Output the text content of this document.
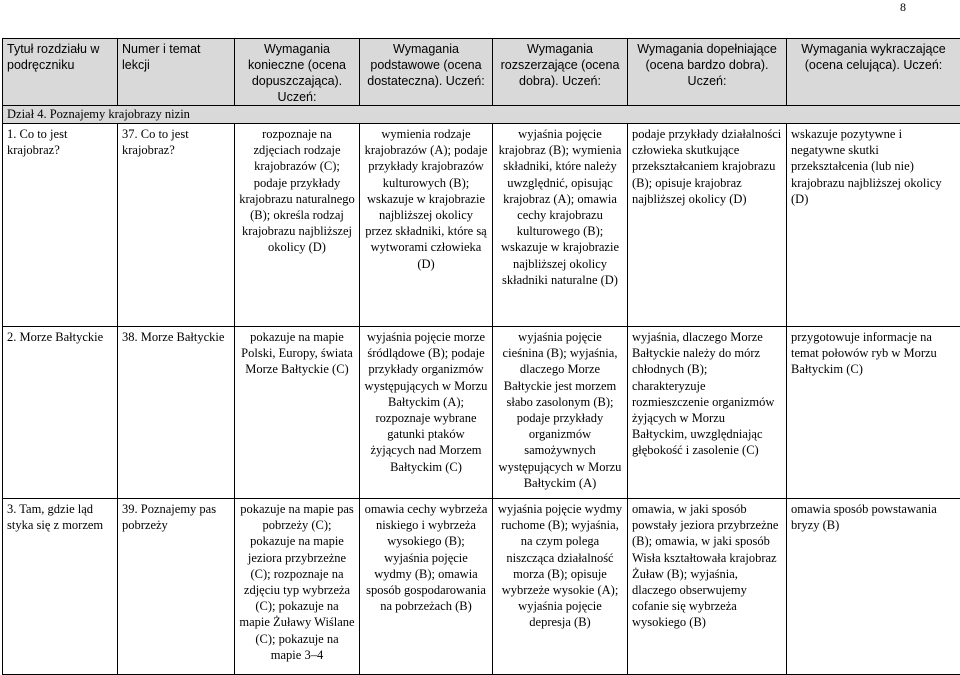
8
Tytuł rozdziału w podręczniku	Numer i temat lekcji	Wymagania konieczne (ocena dopuszczająca). Uczeń:	Wymagania podstawowe (ocena dostateczna). Uczeń:	Wymagania rozszerzające (ocena dobra). Uczeń:	Wymagania dopełniające (ocena bardzo dobra). Uczeń:	Wymagania wykraczające (ocena celująca). Uczeń:
Dział 4. Poznajemy krajobrazy nizin						
1. Co to jest krajobraz?	37. Co to jest krajobraz?	rozpoznaje na zdjęciach rodzaje krajobrazów (C); podaje przykłady krajobrazu naturalnego (B); określa rodzaj krajobrazu najbliższej okolicy (D)	wymienia rodzaje krajobrazów (A); podaje przykłady krajobrazów kulturowych (B); wskazuje w krajobrazie najbliższej okolicy przez składniki, które są wytworami człowieka (D)	wyjaśnia pojęcie krajobraz (B); wymienia składniki, które należy uwzględnić, opisując krajobraz (A); omawia cechy krajobrazu kulturowego (B); wskazuje w krajobrazie najbliższej okolicy składniki naturalne (D)	podaje przykłady działalności człowieka skutkujące przekształcaniem krajobrazu (B); opisuje krajobraz najbliższej okolicy (D)	wskazuje pozytywne i negatywne skutki przekształcenia (lub nie) krajobrazu najbliższej okolicy (D)
2. Morze Bałtyckie	38. Morze Bałtyckie	pokazuje na mapie Polski, Europy, świata Morze Bałtyckie (C)	wyjaśnia pojęcie morze śródlądowe (B); podaje przykłady organizmów występujących w Morzu Bałtyckim (A); rozpoznaje wybrane gatunki ptaków żyjących nad Morzem Bałtyckim (C)	wyjaśnia pojęcie cieśnina (B); wyjaśnia, dlaczego Morze Bałtyckie jest morzem słabo zasolonym (B); podaje przykłady organizmów samożywnych występujących w Morzu Bałtyckim (A)	wyjaśnia, dlaczego Morze Bałtyckie należy do mórz chłodnych (B); charakteryzuje rozmieszczenie organizmów żyjących w Morzu Bałtyckim, uwzględniając głębokość i zasolenie (C)	przygotowuje informacje na temat połowów ryb w Morzu Bałtyckim (C)
3. Tam, gdzie ląd styka się z morzem	39. Poznajemy pas pobrzeży	pokazuje na mapie pas pobrzeży (C); pokazuje na mapie jeziora przybrzeżne (C); rozpoznaje na zdjęciu typ wybrzeża (C); pokazuje na mapie Żuławy Wiślane (C); pokazuje na mapie 3–4	omawia cechy wybrzeża niskiego i wybrzeża wysokiego (B); wyjaśnia pojęcie wydmy (B); omawia sposób gospodarowania na pobrzeżach (B)	wyjaśnia pojęcie wydmy ruchome (B); wyjaśnia, na czym polega niszcząca działalność morza (B); opisuje wybrzeże wysokie (A); wyjaśnia pojęcie depresja (B)	omawia, w jaki sposób powstały jeziora przybrzeżne (B); omawia, w jaki sposób Wisła kształtowała krajobraz Żuław (B); wyjaśnia, dlaczego obserwujemy cofanie się wybrzeża wysokiego (B)	omawia sposób powstawania bryzy (B)
